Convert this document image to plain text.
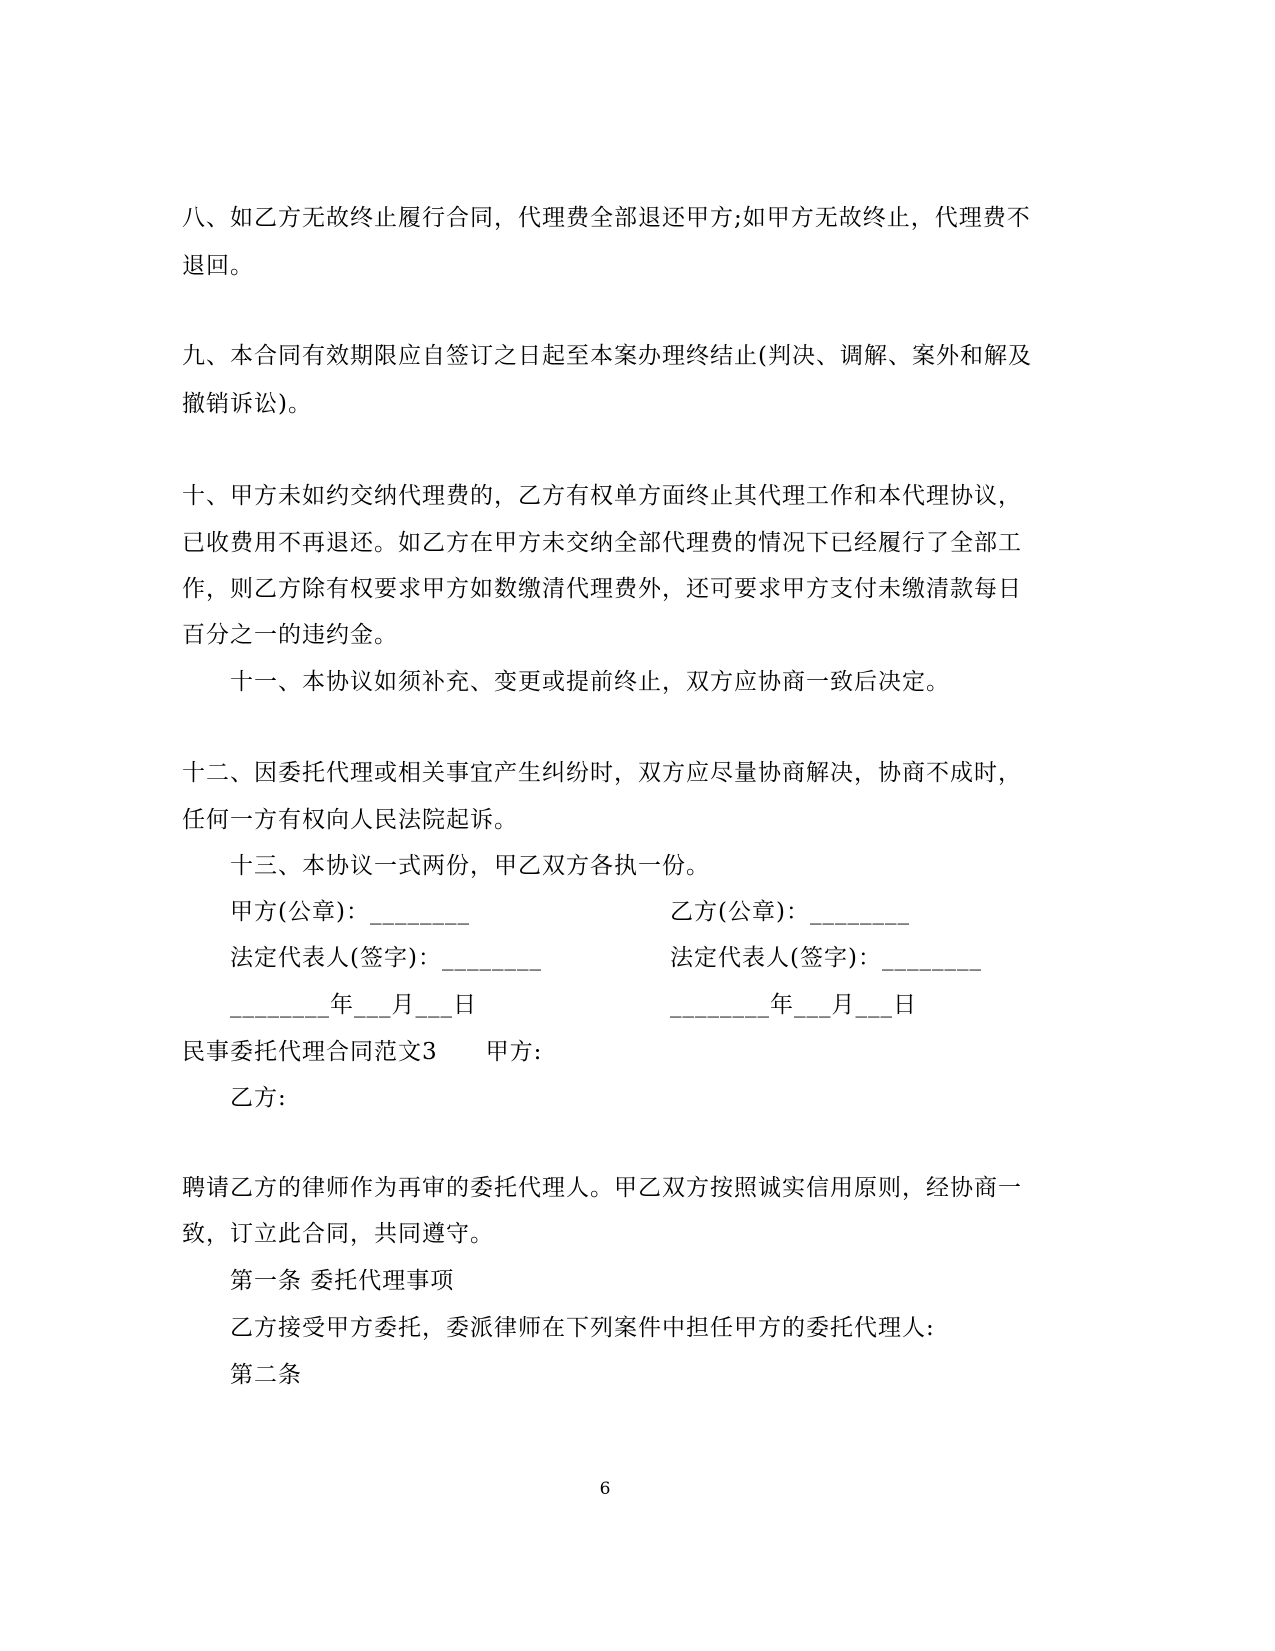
八、如乙方无故终止履行合同，代理费全部退还甲方;如甲方无故终止，代理费不
退回。
九、本合同有效期限应自签订之日起至本案办理终结止(判决、调解、案外和解及
撤销诉讼)。
十、甲方未如约交纳代理费的，乙方有权单方面终止其代理工作和本代理协议，
已收费用不再退还。如乙方在甲方未交纳全部代理费的情况下已经履行了全部工
作，则乙方除有权要求甲方如数缴清代理费外，还可要求甲方支付未缴清款每日
百分之一的违约金。
十一、本协议如须补充、变更或提前终止，双方应协商一致后决定。
十二、因委托代理或相关事宜产生纠纷时，双方应尽量协商解决，协商不成时，
任何一方有权向人民法院起诉。
十三、本协议一式两份，甲乙双方各执一份。
甲方(公章)：________	乙方(公章)：________
法定代表人(签字)：________	法定代表人(签字)：________
________年___月___日	________年___月___日
民事委托代理合同范文3　　甲方:
乙方:
聘请乙方的律师作为再审的委托代理人。甲乙双方按照诚实信用原则，经协商一
致，订立此合同，共同遵守。
第一条 委托代理事项
乙方接受甲方委托，委派律师在下列案件中担任甲方的委托代理人:
第二条
6
